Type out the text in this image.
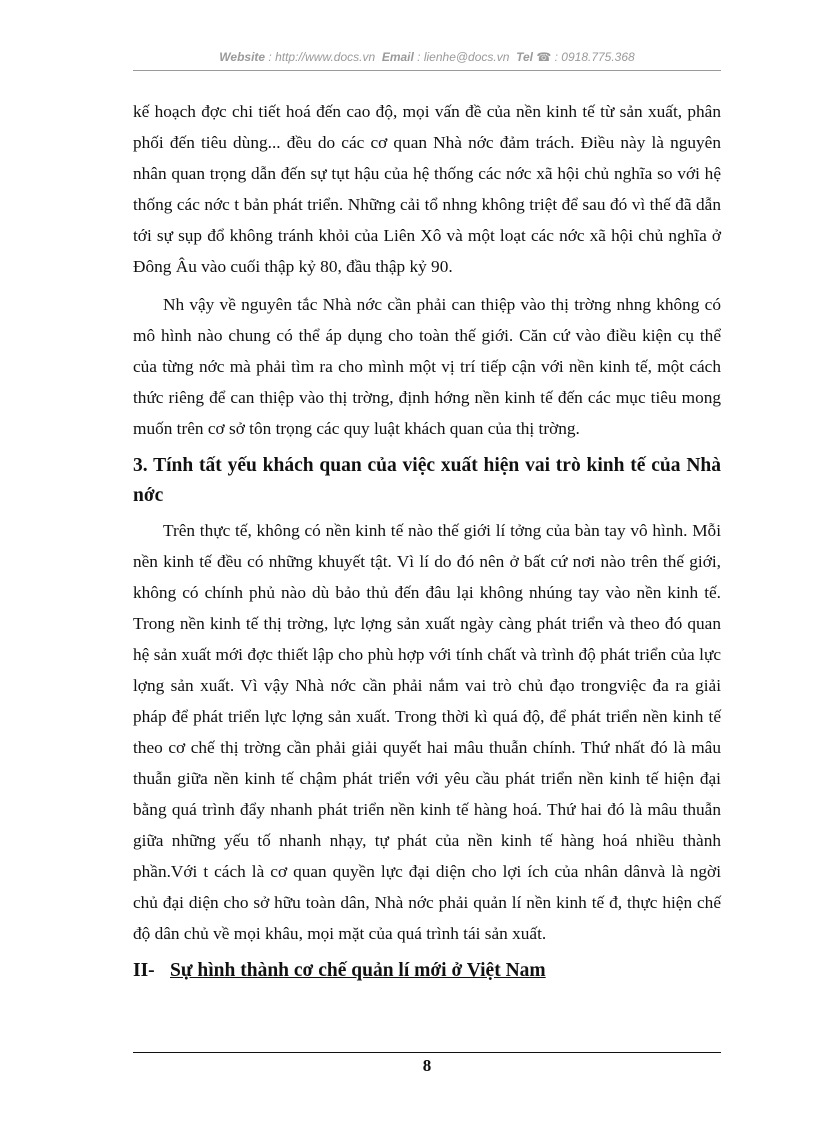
Website : http://www.docs.vn Email : lienhe@docs.vn Tel ☎ : 0918.775.368

kế hoạch đợc chi tiết hoá đến cao độ, mọi vấn đề của nền kinh tế từ sản xuất, phân phối đến tiêu dùng... đều do các cơ quan Nhà nớc đảm trách. Điều này là nguyên nhân quan trọng dẫn đến sự tụt hậu của hệ thống các nớc xã hội chủ nghĩa so với hệ thống các nớc t bản phát triển. Những cải tổ nhng không triệt để sau đó vì thế đã dẫn tới sự sụp đổ không tránh khỏi của Liên Xô và một loạt các nớc xã hội chủ nghĩa ở Đông Âu vào cuối thập kỷ 80, đầu thập kỷ 90.

Nh vậy về nguyên tắc Nhà nớc cần phải can thiệp vào thị trờng nhng không có mô hình nào chung có thể áp dụng cho toàn thế giới. Căn cứ vào điều kiện cụ thể của từng nớc mà phải tìm ra cho mình một vị trí tiếp cận với nền kinh tế, một cách thức riêng để can thiệp vào thị trờng, định hớng nền kinh tế đến các mục tiêu mong muốn trên cơ sở tôn trọng các quy luật khách quan của thị trờng.

3. Tính tất yếu khách quan của việc xuất hiện vai trò kinh tế của Nhà nớc

Trên thực tế, không có nền kinh tế nào thế giới lí tởng của bàn tay vô hình. Mỗi nền kinh tế đều có những khuyết tật. Vì lí do đó nên ở bất cứ nơi nào trên thế giới, không có chính phủ nào dù bảo thủ đến đâu lại không nhúng tay vào nền kinh tế. Trong nền kinh tế thị trờng, lực lợng sản xuất ngày càng phát triển và theo đó quan hệ sản xuất mới đợc thiết lập cho phù hợp với tính chất và trình độ phát triển của lực lợng sản xuất. Vì vậy Nhà nớc cần phải nắm vai trò chủ đạo trongviệc đa ra giải pháp để phát triển lực lợng sản xuất. Trong thời kì quá độ, để phát triển nền kinh tế theo cơ chế thị trờng cần phải giải quyết hai mâu thuẫn chính. Thứ nhất đó là mâu thuẫn giữa nền kinh tế chậm phát triển với yêu cầu phát triển nền kinh tế hiện đại bằng quá trình đẩy nhanh phát triển nền kinh tế hàng hoá. Thứ hai đó là mâu thuẫn giữa những yếu tố nhanh nhạy, tự phát của nền kinh tế hàng hoá nhiều thành phần.Với t cách là cơ quan quyền lực đại diện cho lợi ích của nhân dânvà là ngời chủ đại diện cho sở hữu toàn dân, Nhà nớc phải quản lí nền kinh tế đ, thực hiện chế độ dân chủ về mọi khâu, mọi mặt của quá trình tái sản xuất.

II- Sự hình thành cơ chế quản lí mới ở Việt Nam
8
